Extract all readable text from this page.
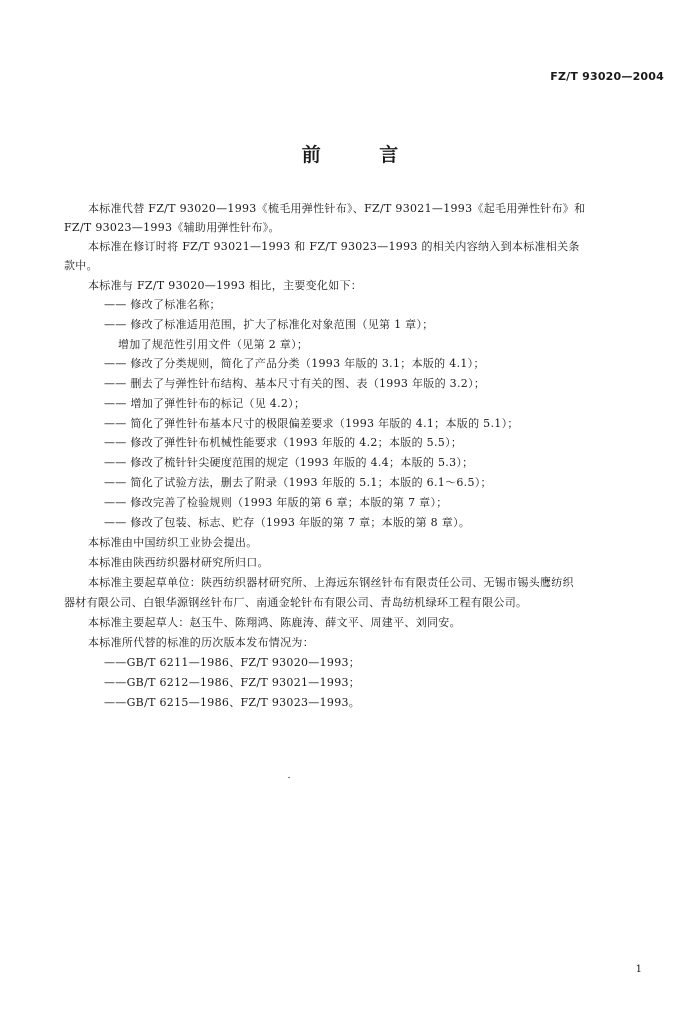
FZ/T 93020—2004
前 言
本标准代替 FZ/T 93020—1993《梳毛用弹性针布》、FZ/T 93021—1993《起毛用弹性针布》和
FZ/T 93023—1993《辅助用弹性针布》。
本标准在修订时将 FZ/T 93021—1993 和 FZ/T 93023—1993 的相关内容纳入到本标准相关条
款中。
本标准与 FZ/T 93020—1993 相比，主要变化如下：
—— 修改了标准名称；
—— 修改了标准适用范围，扩大了标准化对象范围（见第 1 章）；
增加了规范性引用文件（见第 2 章）；
—— 修改了分类规则，简化了产品分类（1993 年版的 3.1；本版的 4.1）；
—— 删去了与弹性针布结构、基本尺寸有关的图、表（1993 年版的 3.2）；
—— 增加了弹性针布的标记（见 4.2）；
—— 简化了弹性针布基本尺寸的极限偏差要求（1993 年版的 4.1；本版的 5.1）；
—— 修改了弹性针布机械性能要求（1993 年版的 4.2；本版的 5.5）；
—— 修改了梳针针尖硬度范围的规定（1993 年版的 4.4；本版的 5.3）；
—— 简化了试验方法，删去了附录（1993 年版的 5.1；本版的 6.1～6.5）；
—— 修改完善了检验规则（1993 年版的第 6 章；本版的第 7 章）；
—— 修改了包装、标志、贮存（1993 年版的第 7 章；本版的第 8 章）。
本标准由中国纺织工业协会提出。
本标准由陕西纺织器材研究所归口。
本标准主要起草单位：陕西纺织器材研究所、上海远东钢丝针布有限责任公司、无锡市锡头鹰纺织
器材有限公司、白银华源钢丝针布厂、南通金轮针布有限公司、青岛纺机绿环工程有限公司。
本标准主要起草人：赵玉牛、陈翔鸿、陈鹿涛、薛文平、周建平、刘同安。
本标准所代替的标准的历次版本发布情况为：
——GB/T 6211—1986、FZ/T 93020—1993；
——GB/T 6212—1986、FZ/T 93021—1993；
——GB/T 6215—1986、FZ/T 93023—1993。
1
